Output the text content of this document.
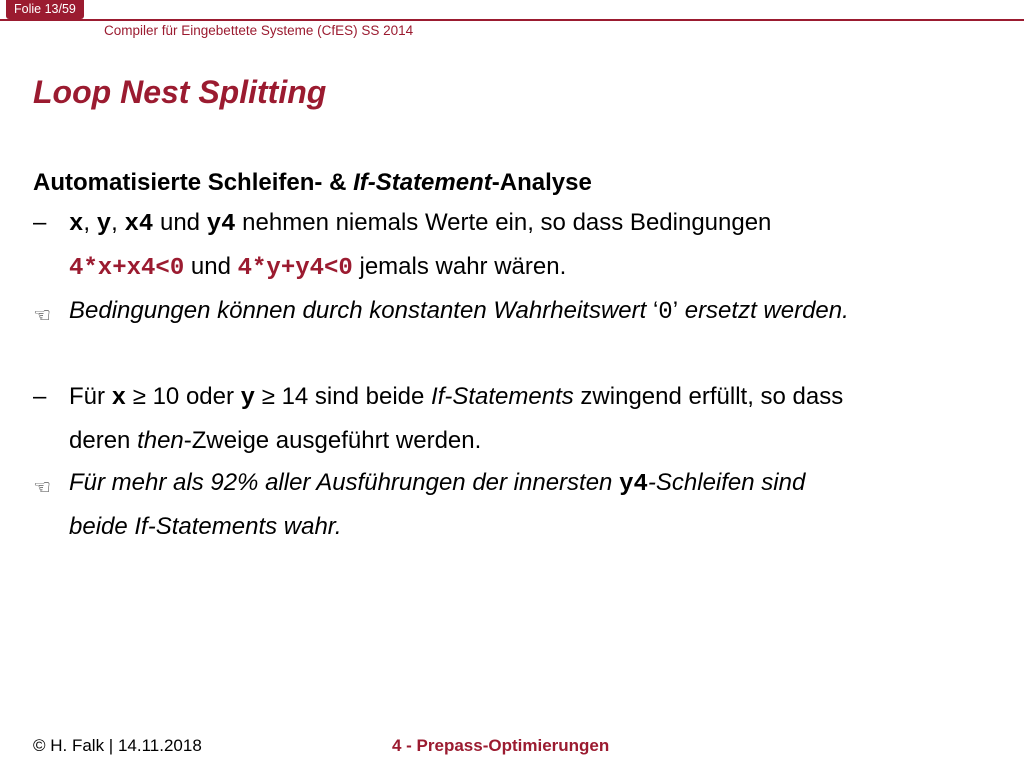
Folie 13/59
Compiler für Eingebettete Systeme (CfES) SS 2014
Loop Nest Splitting
Automatisierte Schleifen- & If-Statement-Analyse
– x, y, x4 und y4 nehmen niemals Werte ein, so dass Bedingungen
4*x+x4<0 und 4*y+y4<0 jemals wahr wären.
☞ Bedingungen können durch konstanten Wahrheitswert ‘0’ ersetzt werden.
– Für x ≥ 10 oder y ≥ 14 sind beide If-Statements zwingend erfüllt, so dass
deren then-Zweige ausgeführt werden.
☞ Für mehr als 92% aller Ausführungen der innersten y4-Schleifen sind
beide If-Statements wahr.
© H. Falk | 14.11.2018	4 - Prepass-Optimierungen
